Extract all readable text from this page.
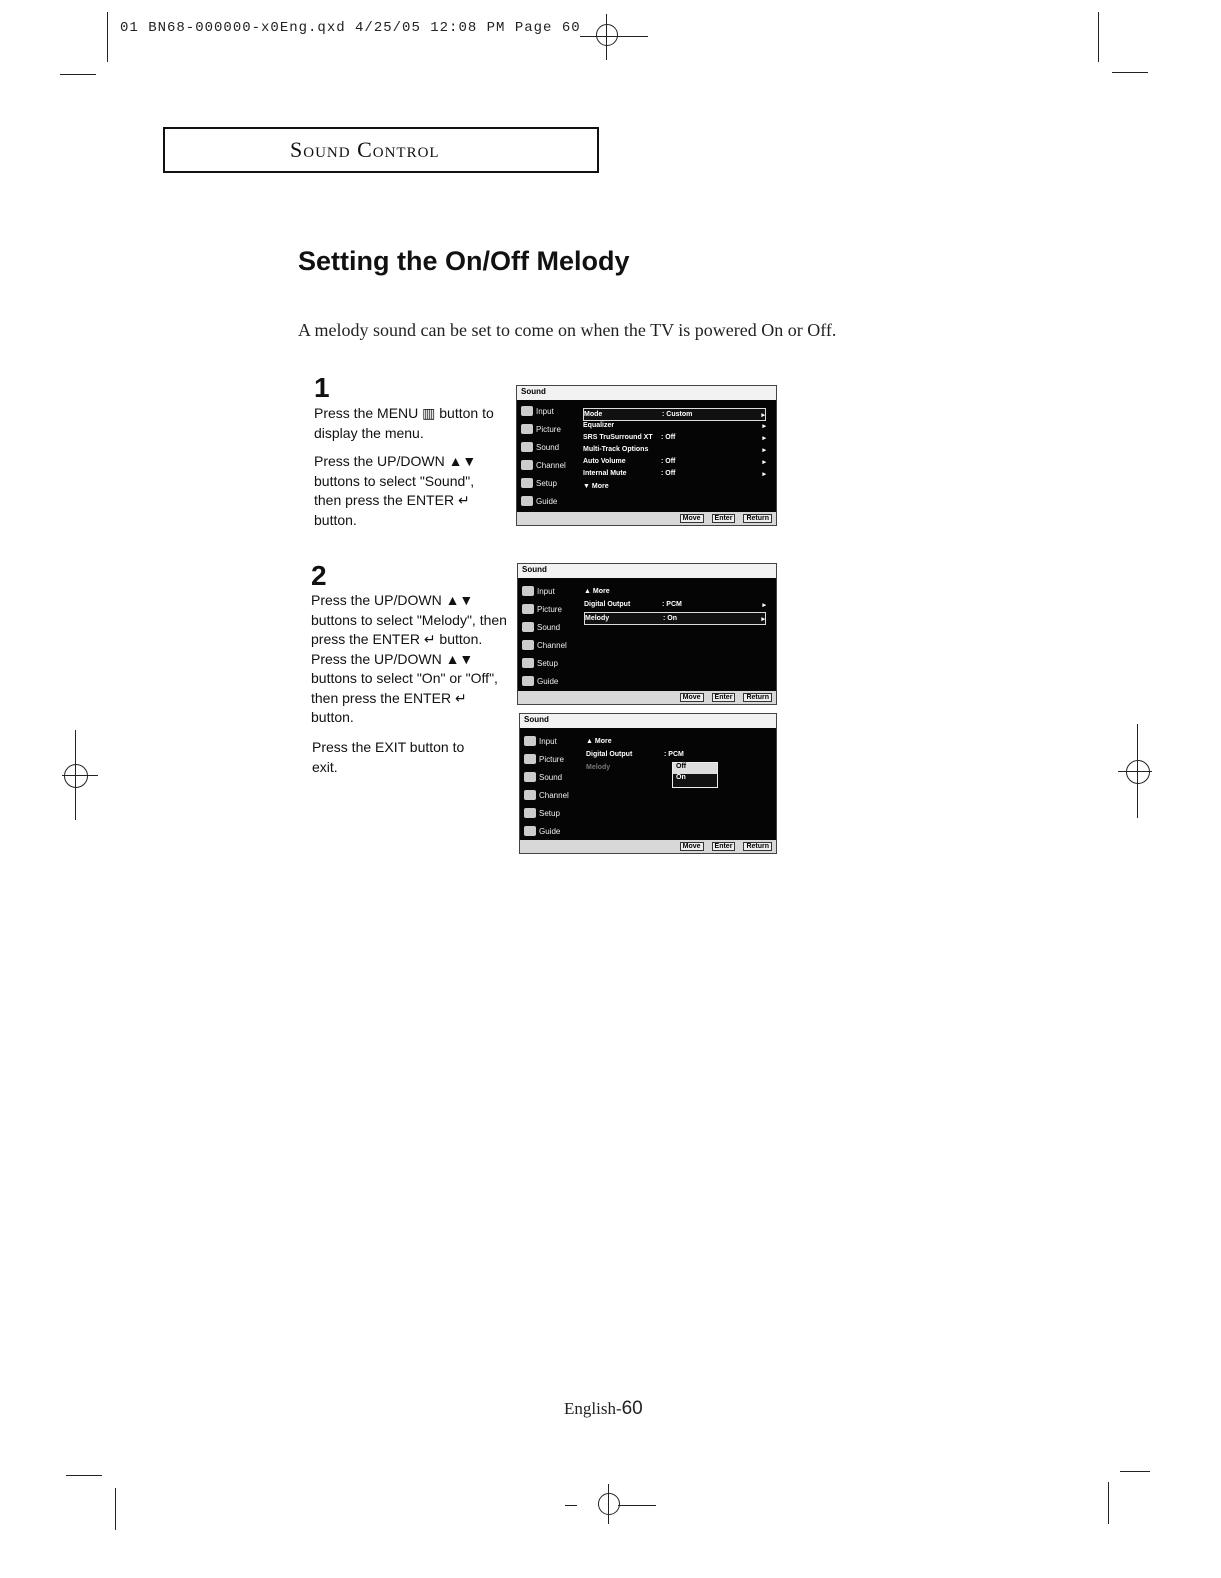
01 BN68-000000-x0Eng.qxd 4/25/05 12:08 PM Page 60
Sound Control
Setting the On/Off Melody
A melody sound can be set to come on when the TV is powered On or Off.
1
Press the MENU ▥ button to display the menu.
Press the UP/DOWN ▲▼ buttons to select "Sound", then press the ENTER ↵ button.
2
Press the UP/DOWN ▲▼ buttons to select "Melody", then press the ENTER ↵ button. Press the UP/DOWN ▲▼ buttons to select "On" or "Off", then press the ENTER ↵ button.
Press the EXIT button to exit.
Sound
Input
Picture
Sound
Channel
Setup
Guide
Mode	: Custom	▸
Equalizer	▸
SRS TruSurround XT	: Off	▸
Multi-Track Options	▸
Auto Volume	: Off	▸
Internal Mute	: Off	▸
▼ More
Move	Enter	Return
Sound
Input
Picture
Sound
Channel
Setup
Guide
▲ More
Digital Output	: PCM	▸
Melody	: On	▸
Move	Enter	Return
Sound
Input
Picture
Sound
Channel
Setup
Guide
▲ More
Digital Output	: PCM
Melody	Off
On
Move	Enter	Return
English-60
